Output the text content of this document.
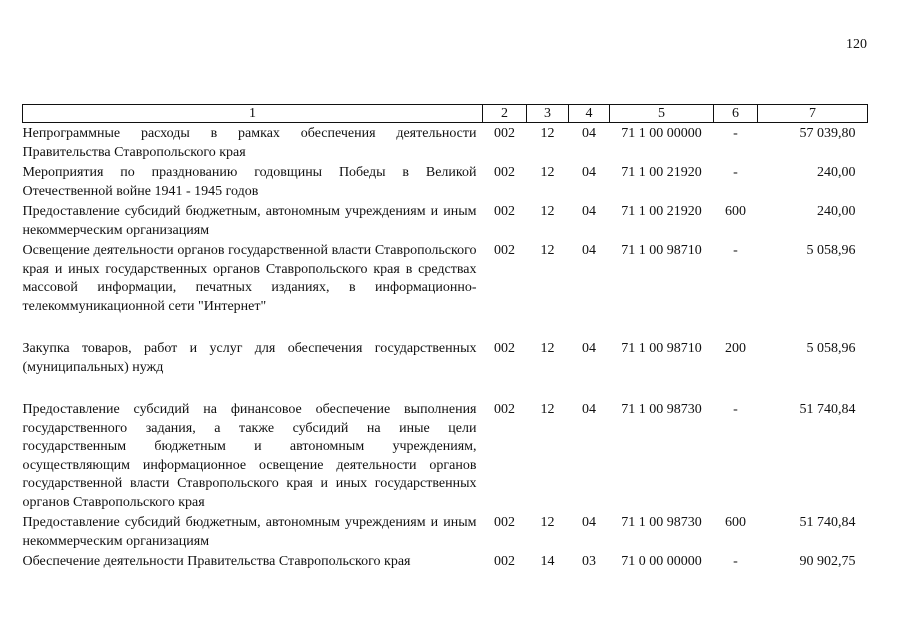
120
1	2	3	4	5	6	7
Непрограммные расходы в рамках обеспечения деятельности Правительства Ставропольского края	002	12	04	71 1 00 00000	-	57 039,80
Мероприятия по празднованию годовщины Победы в Великой Отечественной войне 1941 - 1945 годов	002	12	04	71 1 00 21920	-	240,00
Предоставление субсидий бюджетным, автономным учреждениям и иным некоммерческим организациям	002	12	04	71 1 00 21920	600	240,00
Освещение деятельности органов государственной власти Ставропольского края и иных государственных органов Ставропольского края в средствах массовой информации, печатных изданиях, в информационно-телекоммуникационной сети "Интернет"	002	12	04	71 1 00 98710	-	5 058,96

Закупка товаров, работ и услуг для обеспечения государственных (муниципальных) нужд	002	12	04	71 1 00 98710	200	5 058,96

Предоставление субсидий на финансовое обеспечение выполнения государственного задания, а также субсидий на иные цели государственным бюджетным и автономным учреждениям, осуществляющим информационное освещение деятельности органов государственной власти Ставропольского края и иных государственных органов Ставропольского края	002	12	04	71 1 00 98730	-	51 740,84
Предоставление субсидий бюджетным, автономным учреждениям и иным некоммерческим организациям	002	12	04	71 1 00 98730	600	51 740,84
Обеспечение деятельности Правительства Ставропольского края	002	14	03	71 0 00 00000	-	90 902,75
